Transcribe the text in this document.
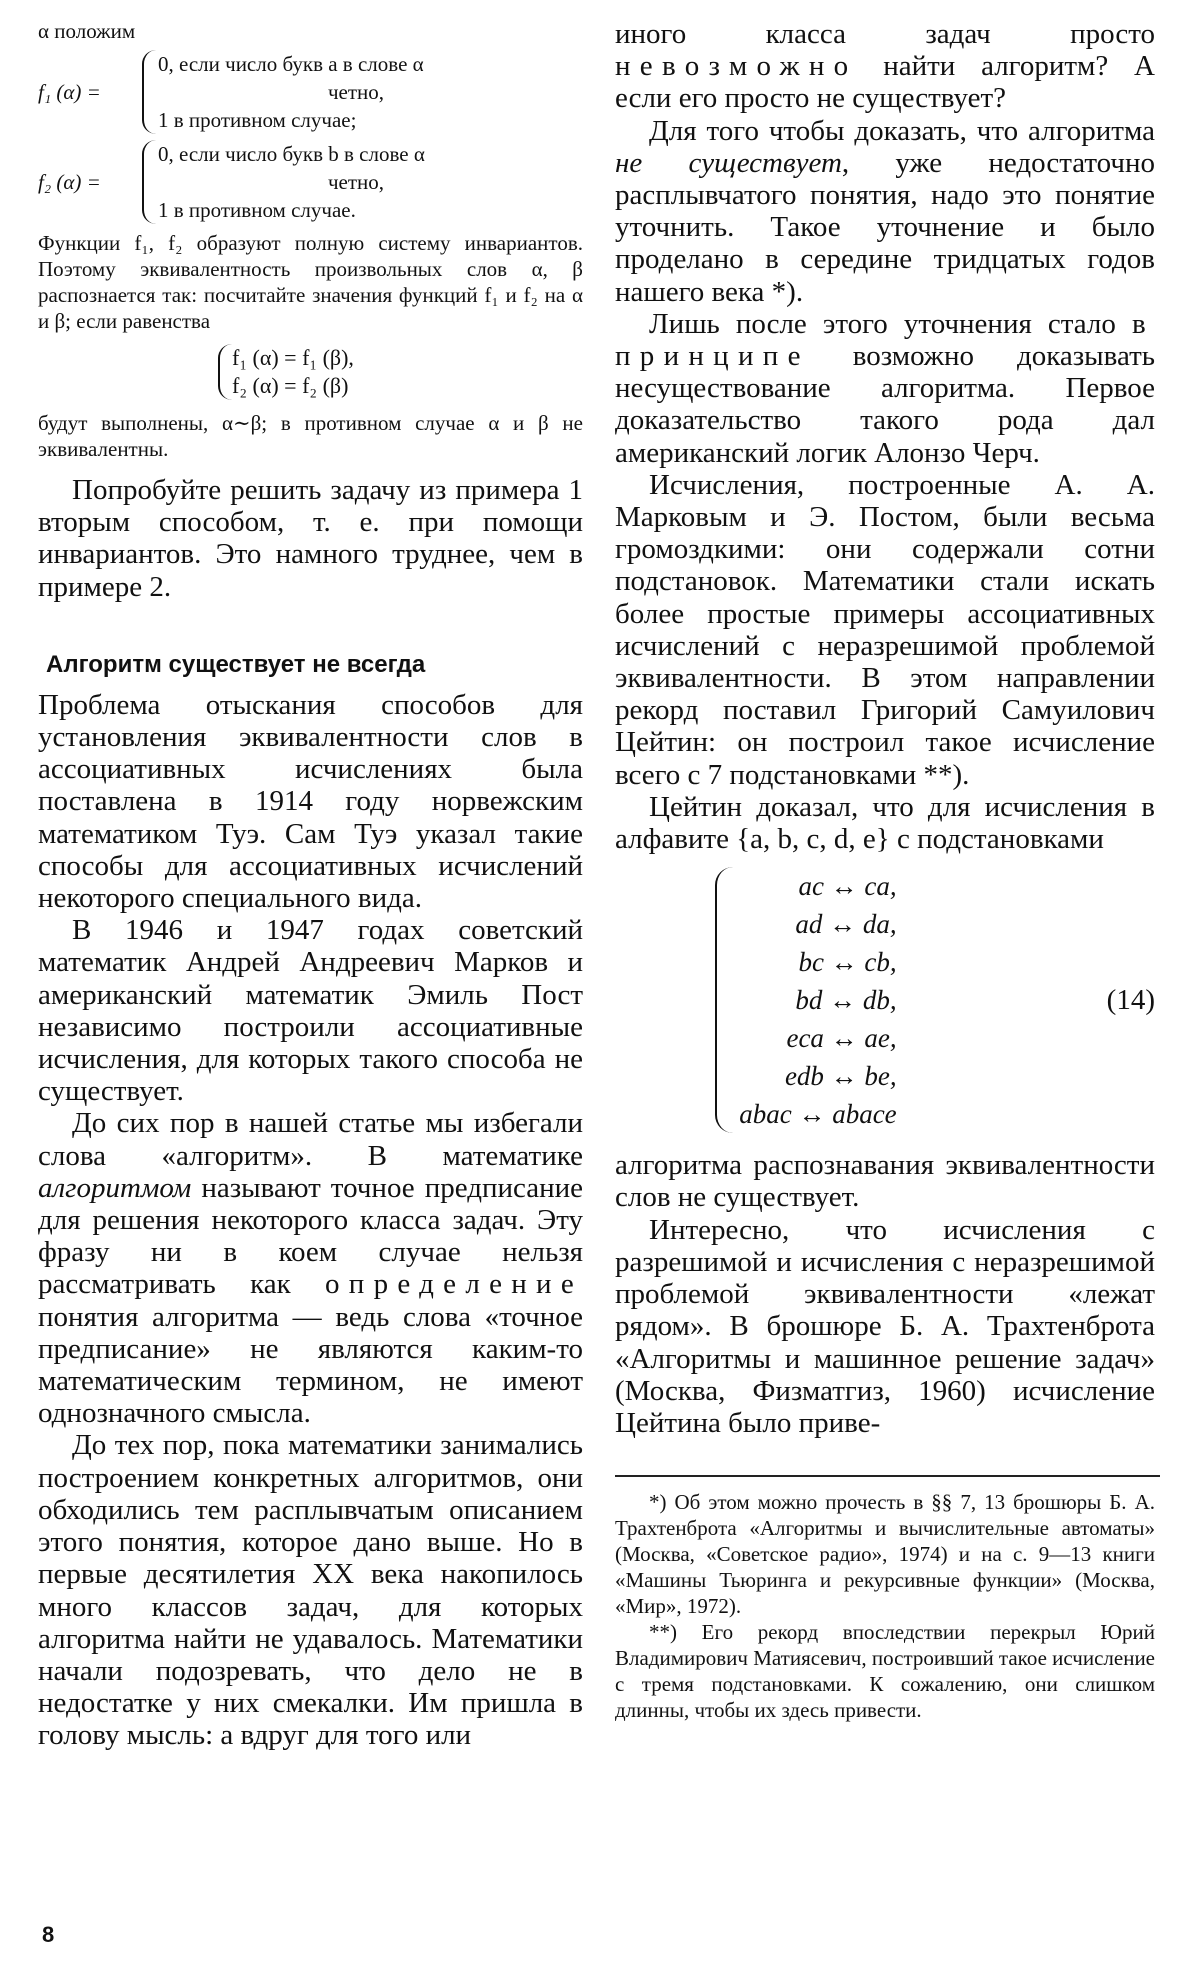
α положим

f₁ (α) =
0, если число букв a в слове α
четно,
1 в противном случае;
f₂ (α) =
0, если число букв b в слове α
четно,
1 в противном случае.

Функции f₁, f₂ образуют полную систему инвариантов. Поэтому эквивалентность произвольных слов α, β распознается так: посчитайте значения функций f₁ и f₂ на α и β; если равенства

f₁ (α) = f₁ (β),
f₂ (α) = f₂ (β)

будут выполнены, α∼β; в противном случае α и β не эквивалентны.

Попробуйте решить задачу из примера 1 вторым способом, т. е. при помощи инвариантов. Это намного труднее, чем в примере 2.

Алгоритм существует не всегда

Проблема отыскания способов для установления эквивалентности слов в ассоциативных исчислениях была поставлена в 1914 году норвежским математиком Туэ. Сам Туэ указал такие способы для ассоциативных исчислений некоторого специального вида.

В 1946 и 1947 годах советский математик Андрей Андреевич Марков и американский математик Эмиль Пост независимо построили ассоциативные исчисления, для которых такого способа не существует.

До сих пор в нашей статье мы избегали слова «алгоритм». В математике алгоритмом называют точное предписание для решения некоторого класса задач. Эту фразу ни в коем случае нельзя рассматривать как определение понятия алгоритма — ведь слова «точное предписание» не являются каким-то математическим термином, не имеют однозначного смысла.

До тех пор, пока математики занимались построением конкретных алгоритмов, они обходились тем расплывчатым описанием этого понятия, которое дано выше. Но в первые десятилетия XX века накопилось много классов задач, для которых алгоритма найти не удавалось. Математики начали подозревать, что дело не в недостатке у них смекалки. Им пришла в голову мысль: а вдруг для того или

иного класса задач просто невозможно найти алгоритм? А если его просто не существует?

Для того чтобы доказать, что алгоритма не существует, уже недостаточно расплывчатого понятия, надо это понятие уточнить. Такое уточнение и было проделано в середине тридцатых годов нашего века *).

Лишь после этого уточнения стало в принципе возможно доказывать несуществование алгоритма. Первое доказательство такого рода дал американский логик Алонзо Черч.

Исчисления, построенные А. А. Марковым и Э. Постом, были весьма громоздкими: они содержали сотни подстановок. Математики стали искать более простые примеры ассоциативных исчислений с неразрешимой проблемой эквивалентности. В этом направлении рекорд поставил Григорий Самуилович Цейтин: он построил такое исчисление всего с 7 подстановками **).

Цейтин доказал, что для исчисления в алфавите {a, b, c, d, e} с подстановками

ac ↔ ca,
ad ↔ da,
bc ↔ cb,
bd ↔ db,
eca ↔ ae,
edb ↔ be,
abac ↔ abace
(14)

алгоритма распознавания эквивалентности слов не существует.

Интересно, что исчисления с разрешимой и исчисления с неразрешимой проблемой эквивалентности «лежат рядом». В брошюре Б. А. Трахтенброта «Алгоритмы и машинное решение задач» (Москва, Физматгиз, 1960) исчисление Цейтина было приве-

*) Об этом можно прочесть в §§ 7, 13 брошюры Б. А. Трахтенброта «Алгоритмы и вычислительные автоматы» (Москва, «Советское радио», 1974) и на с. 9—13 книги «Машины Тьюринга и рекурсивные функции» (Москва, «Мир», 1972).

**) Его рекорд впоследствии перекрыл Юрий Владимирович Матиясевич, построивший такое исчисление с тремя подстановками. К сожалению, они слишком длинны, чтобы их здесь привести.

8
